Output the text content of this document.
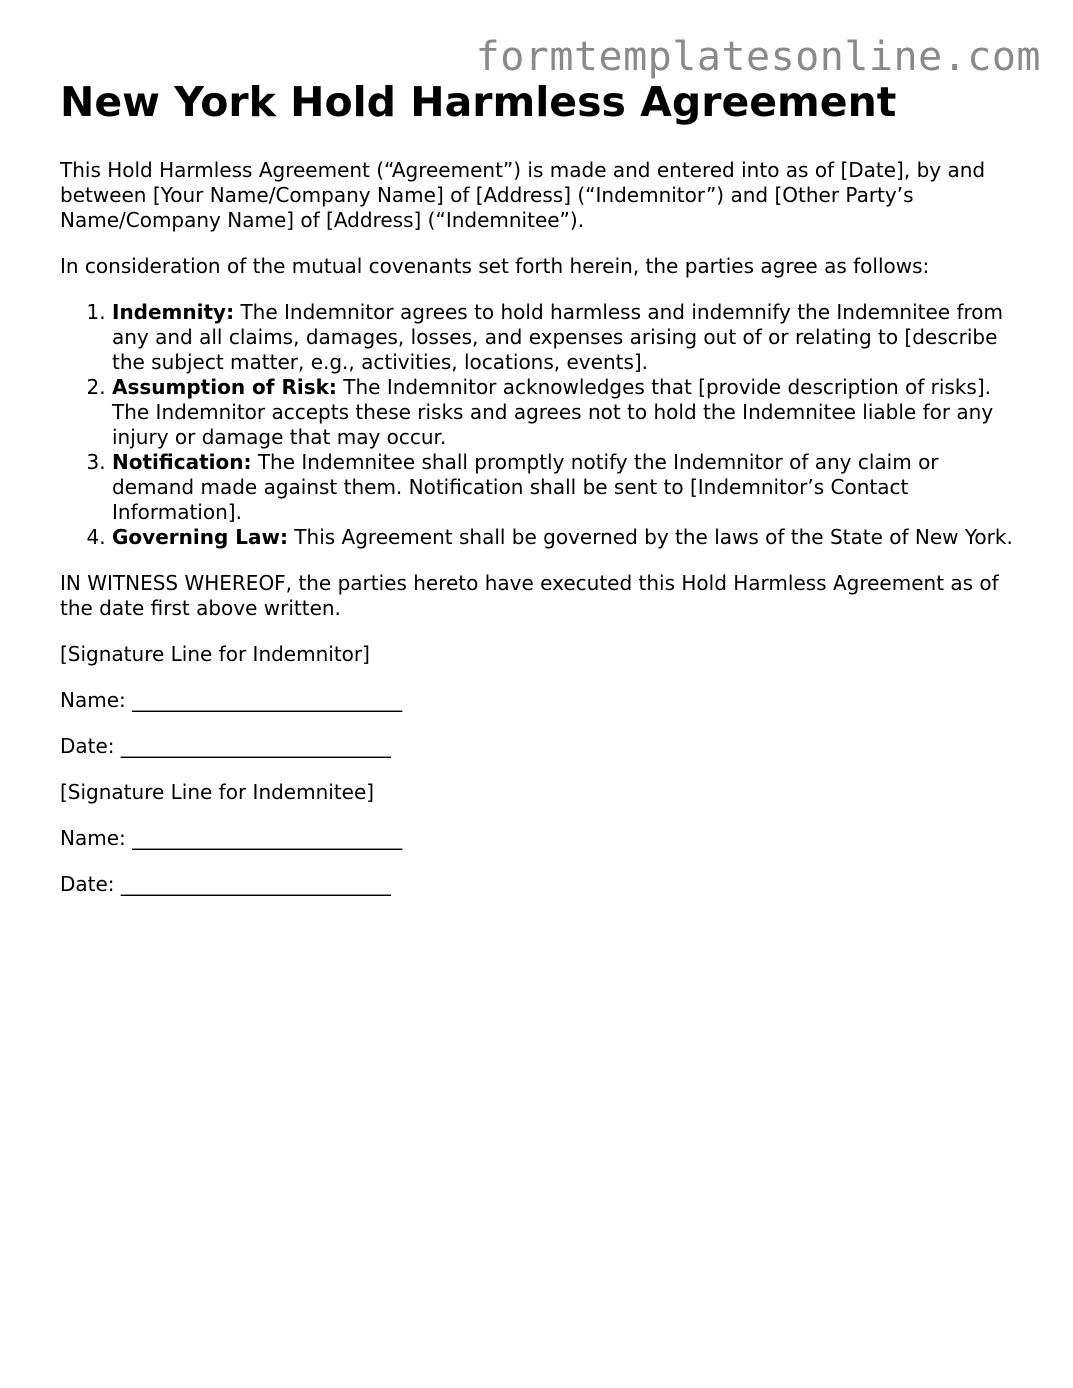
formtemplatesonline.com
New York Hold Harmless Agreement

This Hold Harmless Agreement (“Agreement”) is made and entered into as of [Date], by and between [Your Name/Company Name] of [Address] (“Indemnitor”) and [Other Party’s Name/Company Name] of [Address] (“Indemnitee”).

In consideration of the mutual covenants set forth herein, the parties agree as follows:

1. Indemnity: The Indemnitor agrees to hold harmless and indemnify the Indemnitee from any and all claims, damages, losses, and expenses arising out of or relating to [describe the subject matter, e.g., activities, locations, events].
2. Assumption of Risk: The Indemnitor acknowledges that [provide description of risks]. The Indemnitor accepts these risks and agrees not to hold the Indemnitee liable for any injury or damage that may occur.
3. Notification: The Indemnitee shall promptly notify the Indemnitor of any claim or demand made against them. Notification shall be sent to [Indemnitor’s Contact Information].
4. Governing Law: This Agreement shall be governed by the laws of the State of New York.

IN WITNESS WHEREOF, the parties hereto have executed this Hold Harmless Agreement as of the date first above written.

[Signature Line for Indemnitor]

Name: ___________________________

Date: ___________________________

[Signature Line for Indemnitee]

Name: ___________________________

Date: ___________________________
